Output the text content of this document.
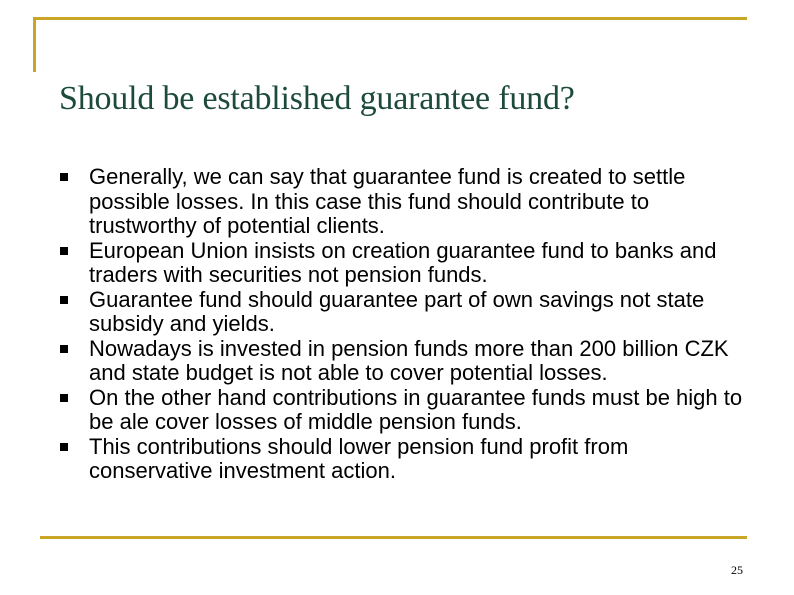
Should be established guarantee fund?
Generally, we can say that guarantee fund is created to settle possible losses. In this case this fund should contribute to trustworthy of potential clients.
European Union insists on creation guarantee fund to banks and traders with securities not pension funds.
Guarantee fund should guarantee part of own savings not state subsidy and yields.
Nowadays is invested in pension funds more than 200 billion CZK and state budget is not able to cover potential losses.
On the other hand contributions in guarantee funds must be high to be ale cover losses of middle pension funds.
This contributions should lower pension fund profit from conservative investment action.
25
